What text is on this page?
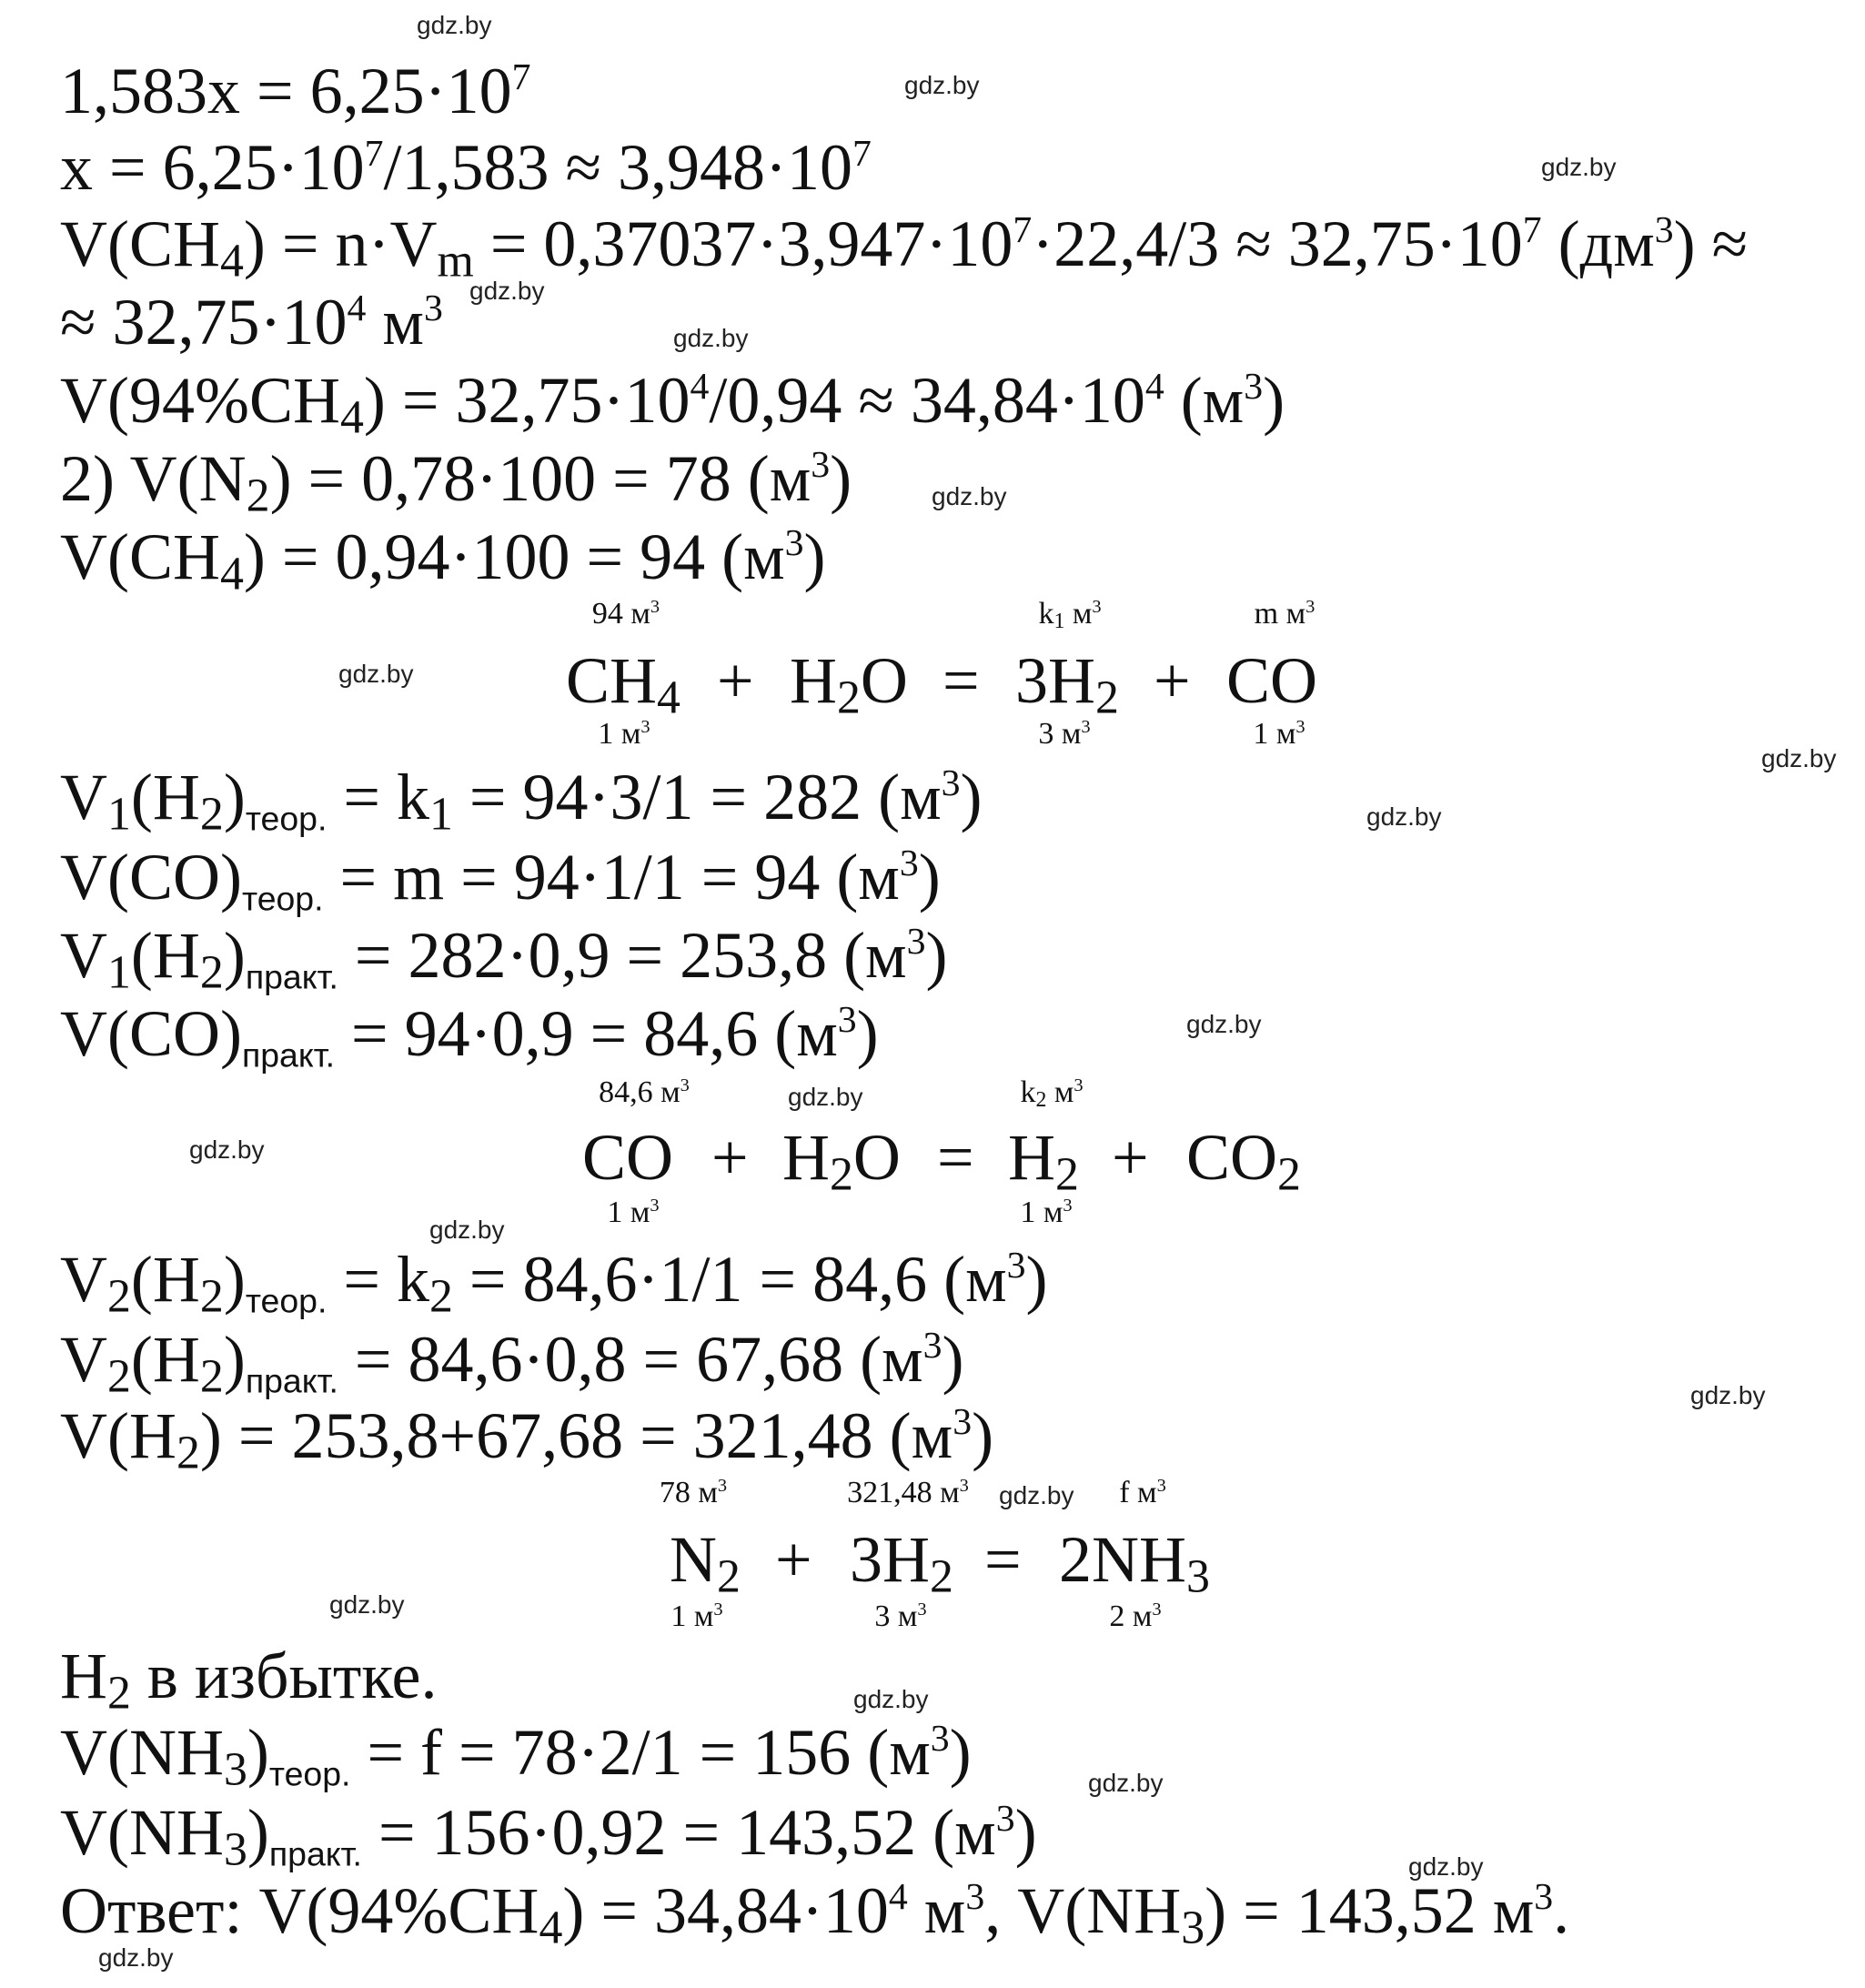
gdz.by
gdz.by
gdz.by
gdz.by
gdz.by
gdz.by
gdz.by
gdz.by
gdz.by
gdz.by
gdz.by
gdz.by
gdz.by
gdz.by
gdz.by
gdz.by
gdz.by
gdz.by
gdz.by
gdz.by
$1,583x = 6,25\cdot 10^7$
$x = 6,25\cdot 10^7/1,583 \approx 3,948\cdot 10^7$
$V(CH_4) = n\cdot V_m = 0,37037\cdot 3,947\cdot 10^7\cdot 22,4/3 \approx 32,75\cdot 10^7$ $(дм^3)$ ≈
≈ $32,75\cdot 10^4$ $м^3$
$V(94\%CH_4) = 32,75\cdot 10^4/0,94 \approx 34,84\cdot 10^4$ $(м^3)$
2) $V(N_2) = 0,78\cdot 100 = 78$ $(м^3)$
$V(CH_4) = 0,94\cdot 100 = 94$ $(м^3)$
94 $м^3$	$k_1$ $м^3$	m $м^3$
$CH_4 + H_2O = 3H_2$ + CO
1 $м^3$	3 $м^3$	1 $м^3$
$V_1(H_2)_{теор.} = k_1 = 94\cdot 3/1 = 282$ $(м^3)$
$V(CO)_{теор.} = m = 94\cdot 1/1 = 94$ $(м^3)$
$V_1(H_2)_{практ.} = 282\cdot 0,9 = 253,8$ $(м^3)$
$V(CO)_{практ.} = 94\cdot 0,9 = 84,6$ $(м^3)$
84,6 $м^3$	$k_2$ $м^3$
CO + $H_2O = H_2 + CO_2$
1 $м^3$	1 $м^3$
$V_2(H_2)_{теор.} = k_2 = 84,6\cdot 1/1 = 84,6$ $(м^3)$
$V_2(H_2)_{практ.} = 84,6\cdot 0,8 = 67,68$ $(м^3)$
$V(H_2) = 253,8+67,68 = 321,48$ $(м^3)$
78 $м^3$	321,48 $м^3$	f $м^3$
$N_2 + 3H_2 = 2NH_3$
1 $м^3$	3 $м^3$	2 $м^3$
$H_2$ в избытке.
$V(NH_3)_{теор.} = f = 78\cdot 2/1 = 156$ $(м^3)$
$V(NH_3)_{практ.} = 156\cdot 0,92 = 143,52$ $(м^3)$
Ответ: $V(94\%CH_4) = 34,84\cdot 10^4$ $м^3$, $V(NH_3) = 143,52$ $м^3$.
